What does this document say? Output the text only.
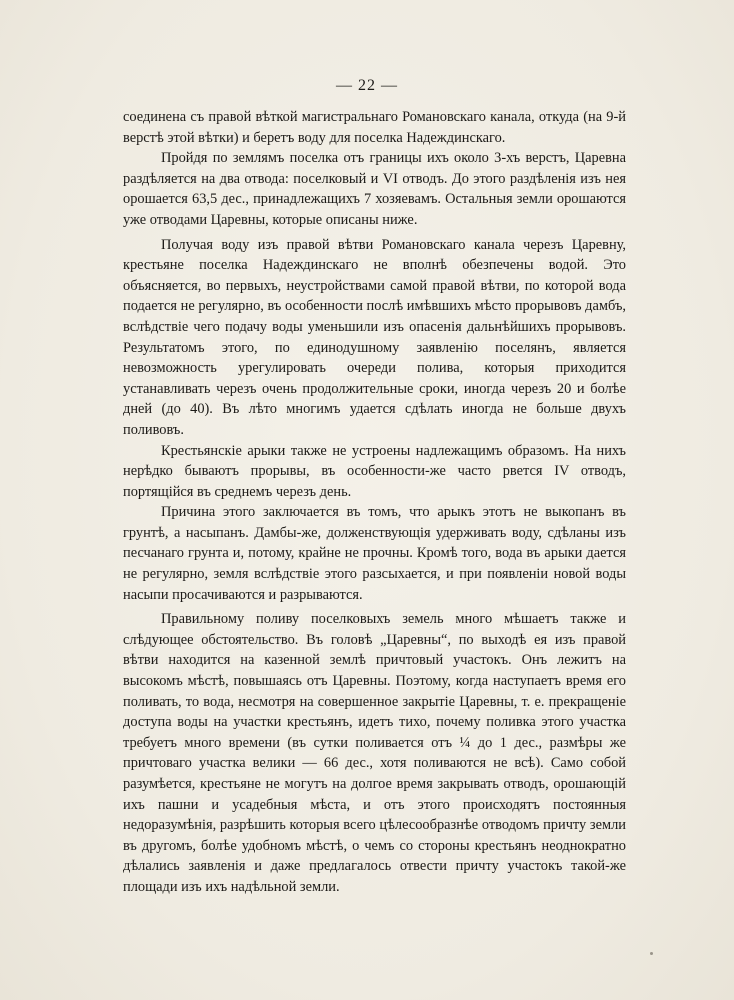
— 22 —

соединена съ правой вѣткой магистральнаго Романовскаго канала, откуда (на 9-й верстѣ этой вѣтки) и беретъ воду для поселка Надеждинскаго.

Пройдя по землямъ поселка отъ границы ихъ около 3-хъ верстъ, Царевна раздѣляется на два отвода: поселковый и VI отводъ. До этого раздѣленія изъ нея орошается 63,5 дес., принадлежащихъ 7 хозяевамъ. Остальныя земли орошаются уже отводами Царевны, которые описаны ниже.

Получая воду изъ правой вѣтви Романовскаго канала черезъ Царевну, крестьяне поселка Надеждинскаго не вполнѣ обезпечены водой. Это объясняется, во первыхъ, неустройствами самой правой вѣтви, по которой вода подается не регулярно, въ особенности послѣ имѣвшихъ мѣсто прорывовъ дамбъ, вслѣдствіе чего подачу воды уменьшили изъ опасенія дальнѣйшихъ прорывовъ. Результатомъ этого, по единодушному заявленію поселянъ, является невозможность урегулировать очереди полива, которыя приходится устанавливать черезъ очень продолжительные сроки, иногда черезъ 20 и болѣе дней (до 40). Въ лѣто многимъ удается сдѣлать иногда не больше двухъ поливовъ.

Крестьянскіе арыки также не устроены надлежащимъ образомъ. На нихъ нерѣдко бываютъ прорывы, въ особенности-же часто рвется IV отводъ, портящійся въ среднемъ черезъ день.

Причина этого заключается въ томъ, что арыкъ этотъ не выкопанъ въ грунтѣ, а насыпанъ. Дамбы-же, долженствующія удерживать воду, сдѣланы изъ песчанаго грунта и, потому, крайне не прочны. Кромѣ того, вода въ арыки дается не регулярно, земля вслѣдствіе этого разсыхается, и при появленіи новой воды насыпи просачиваются и разрываются.

Правильному поливу поселковыхъ земель много мѣшаетъ также и слѣдующее обстоятельство. Въ головѣ „Царевны“, по выходѣ ея изъ правой вѣтви находится на казенной землѣ причтовый участокъ. Онъ лежитъ на высокомъ мѣстѣ, повышаясь отъ Царевны. Поэтому, когда наступаетъ время его поливать, то вода, несмотря на совершенное закрытіе Царевны, т. е. прекращеніе доступа воды на участки крестьянъ, идетъ тихо, почему поливка этого участка требуетъ много времени (въ сутки поливается отъ ¼ до 1 дес., размѣры же причтоваго участка велики — 66 дес., хотя поливаются не всѣ). Само собой разумѣется, крестьяне не могутъ на долгое время закрывать отводъ, орошающій ихъ пашни и усадебныя мѣста, и отъ этого происходятъ постоянныя недоразумѣнія, разрѣшить которыя всего цѣлесообразнѣе отводомъ причту земли въ другомъ, болѣе удобномъ мѣстѣ, о чемъ со стороны крестьянъ неоднократно дѣлались заявленія и даже предлагалось отвести причту участокъ такой-же площади изъ ихъ надѣльной земли.
